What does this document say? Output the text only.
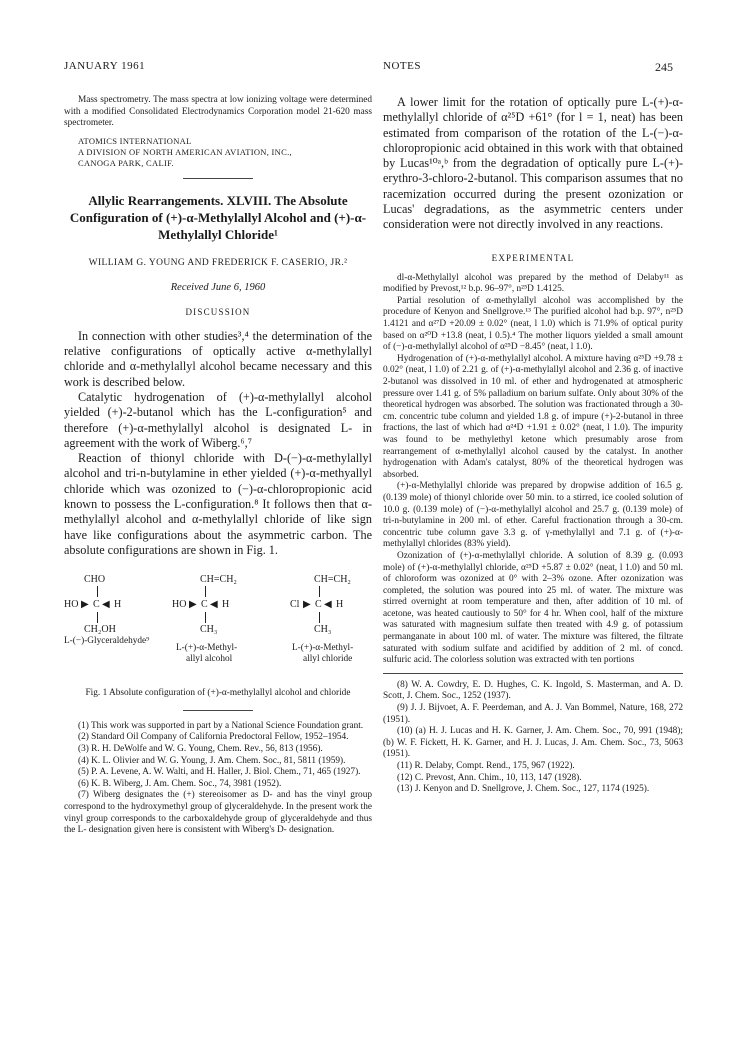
JANUARY 1961	NOTES	245

Mass spectrometry. The mass spectra at low ionizing voltage were determined with a modified Consolidated Electrodynamics Corporation model 21-620 mass spectrometer.

ATOMICS INTERNATIONAL
A DIVISION OF NORTH AMERICAN AVIATION, INC.,
CANOGA PARK, CALIF.
Allylic Rearrangements. XLVIII. The Absolute Configuration of (+)-α-Methylallyl Alcohol and (+)-α-Methylallyl Chloride¹
WILLIAM G. YOUNG AND FREDERICK F. CASERIO, JR.²
Received June 6, 1960
DISCUSSION

In connection with other studies³,⁴ the determination of the relative configurations of optically active α-methylallyl chloride and α-methylallyl alcohol became necessary and this work is described below.

Catalytic hydrogenation of (+)-α-methylallyl alcohol yielded (+)-2-butanol which has the L-configuration⁵ and therefore (+)-α-methylallyl alcohol is designated L- in agreement with the work of Wiberg.⁶,⁷

Reaction of thionyl chloride with D-(−)-α-methylallyl alcohol and tri-n-butylamine in ether yielded (+)-α-methyallyl chloride which was ozonized to (−)-α-chloropropionic acid known to possess the L-configuration.⁸ It follows then that α-methylallyl alcohol and α-methylallyl chloride of like sign have like configurations about the asymmetric carbon. The absolute configurations are shown in Fig. 1.

CHO
HO ▶ C ◀ H
CH₂OH
L-(−)-Glyceraldehyde⁹
CH=CH₂
HO ▶ C ◀ H
CH₃
L-(+)-α-Methyl-
allyl alcohol
CH=CH₂
Cl ▶ C ◀ H
CH₃
L-(+)-α-Methyl-
allyl chloride
Fig. 1 Absolute configuration of (+)-α-methylallyl alcohol and chloride

(1) This work was supported in part by a National Science Foundation grant.

(2) Standard Oil Company of California Predoctoral Fellow, 1952–1954.

(3) R. H. DeWolfe and W. G. Young, Chem. Rev., 56, 813 (1956).

(4) K. L. Olivier and W. G. Young, J. Am. Chem. Soc., 81, 5811 (1959).

(5) P. A. Levene, A. W. Walti, and H. Haller, J. Biol. Chem., 71, 465 (1927).

(6) K. B. Wiberg, J. Am. Chem. Soc., 74, 3981 (1952).

(7) Wiberg designates the (+) stereoisomer as D- and has the vinyl group correspond to the hydroxymethyl group of glyceraldehyde. In the present work the vinyl group corresponds to the carboxaldehyde group of glyceraldehyde and thus the L- designation given here is consistent with Wiberg's D- designation.

A lower limit for the rotation of optically pure L-(+)-α-methylallyl chloride of α²⁵D +61° (for l = 1, neat) has been estimated from comparison of the rotation of the L-(−)-α-chloropropionic acid obtained in this work with that obtained by Lucas¹⁰ᵃ,ᵇ from the degradation of optically pure L-(+)-erythro-3-chloro-2-butanol. This comparison assumes that no racemization occurred during the present ozonization or Lucas' degradations, as the asymmetric centers under consideration were not directly involved in any reactions.

EXPERIMENTAL

dl-α-Methylallyl alcohol was prepared by the method of Delaby¹¹ as modified by Prevost,¹² b.p. 96–97°, n²⁵D 1.4125.

Partial resolution of α-methylallyl alcohol was accomplished by the procedure of Kenyon and Snellgrove.¹³ The purified alcohol had b.p. 97°, n²⁵D 1.4121 and α²⁷D +20.09 ± 0.02° (neat, l 1.0) which is 71.9% of optical purity based on α²⁰D +13.8 (neat, l 0.5).⁴ The mother liquors yielded a small amount of (−)-α-methylallyl alcohol of α²⁵D −8.45° (neat, l 1.0).

Hydrogenation of (+)-α-methylallyl alcohol. A mixture having α²⁵D +9.78 ± 0.02° (neat, l 1.0) of 2.21 g. of (+)-α-methylallyl alcohol and 2.36 g. of inactive 2-butanol was dissolved in 10 ml. of ether and hydrogenated at atmospheric pressure over 1.41 g. of 5% palladium on barium sulfate. Only about 30% of the theoretical hydrogen was absorbed. The solution was fractionated through a 30-cm. concentric tube column and yielded 1.8 g. of impure (+)-2-butanol in three fractions, the last of which had α²⁴D +1.91 ± 0.02° (neat, l 1.0). The impurity was found to be methylethyl ketone which presumably arose from rearrangement of α-methylallyl alcohol caused by the catalyst. In another hydrogenation with Adam's catalyst, 80% of the theoretical hydrogen was absorbed.

(+)-α-Methylallyl chloride was prepared by dropwise addition of 16.5 g. (0.139 mole) of thionyl chloride over 50 min. to a stirred, ice cooled solution of 10.0 g. (0.139 mole) of (−)-α-methylallyl alcohol and 25.7 g. (0.139 mole) of tri-n-butylamine in 200 ml. of ether. Careful fractionation through a 30-cm. concentric tube column gave 3.3 g. of γ-methylallyl and 7.1 g. of (+)-α-methylallyl chlorides (83% yield).

Ozonization of (+)-α-methylallyl chloride. A solution of 8.39 g. (0.093 mole) of (+)-α-methylallyl chloride, α²⁵D +5.87 ± 0.02° (neat, l 1.0) and 50 ml. of chloroform was ozonized at 0° with 2–3% ozone. After ozonization was completed, the solution was poured into 25 ml. of water. The mixture was stirred overnight at room temperature and then, after addition of 10 ml. of acetone, was heated cautiously to 50° for 4 hr. When cool, half of the mixture was saturated with magnesium sulfate then treated with 4.9 g. of potassium permanganate in about 100 ml. of water. The mixture was filtered, the filtrate saturated with sodium sulfate and acidified by addition of 2 ml. of concd. sulfuric acid. The colorless solution was extracted with ten portions

(8) W. A. Cowdry, E. D. Hughes, C. K. Ingold, S. Masterman, and A. D. Scott, J. Chem. Soc., 1252 (1937).

(9) J. J. Bijvoet, A. F. Peerdeman, and A. J. Van Bommel, Nature, 168, 272 (1951).

(10) (a) H. J. Lucas and H. K. Garner, J. Am. Chem. Soc., 70, 991 (1948); (b) W. F. Fickett, H. K. Garner, and H. J. Lucas, J. Am. Chem. Soc., 73, 5063 (1951).

(11) R. Delaby, Compt. Rend., 175, 967 (1922).

(12) C. Prevost, Ann. Chim., 10, 113, 147 (1928).

(13) J. Kenyon and D. Snellgrove, J. Chem. Soc., 127, 1174 (1925).
